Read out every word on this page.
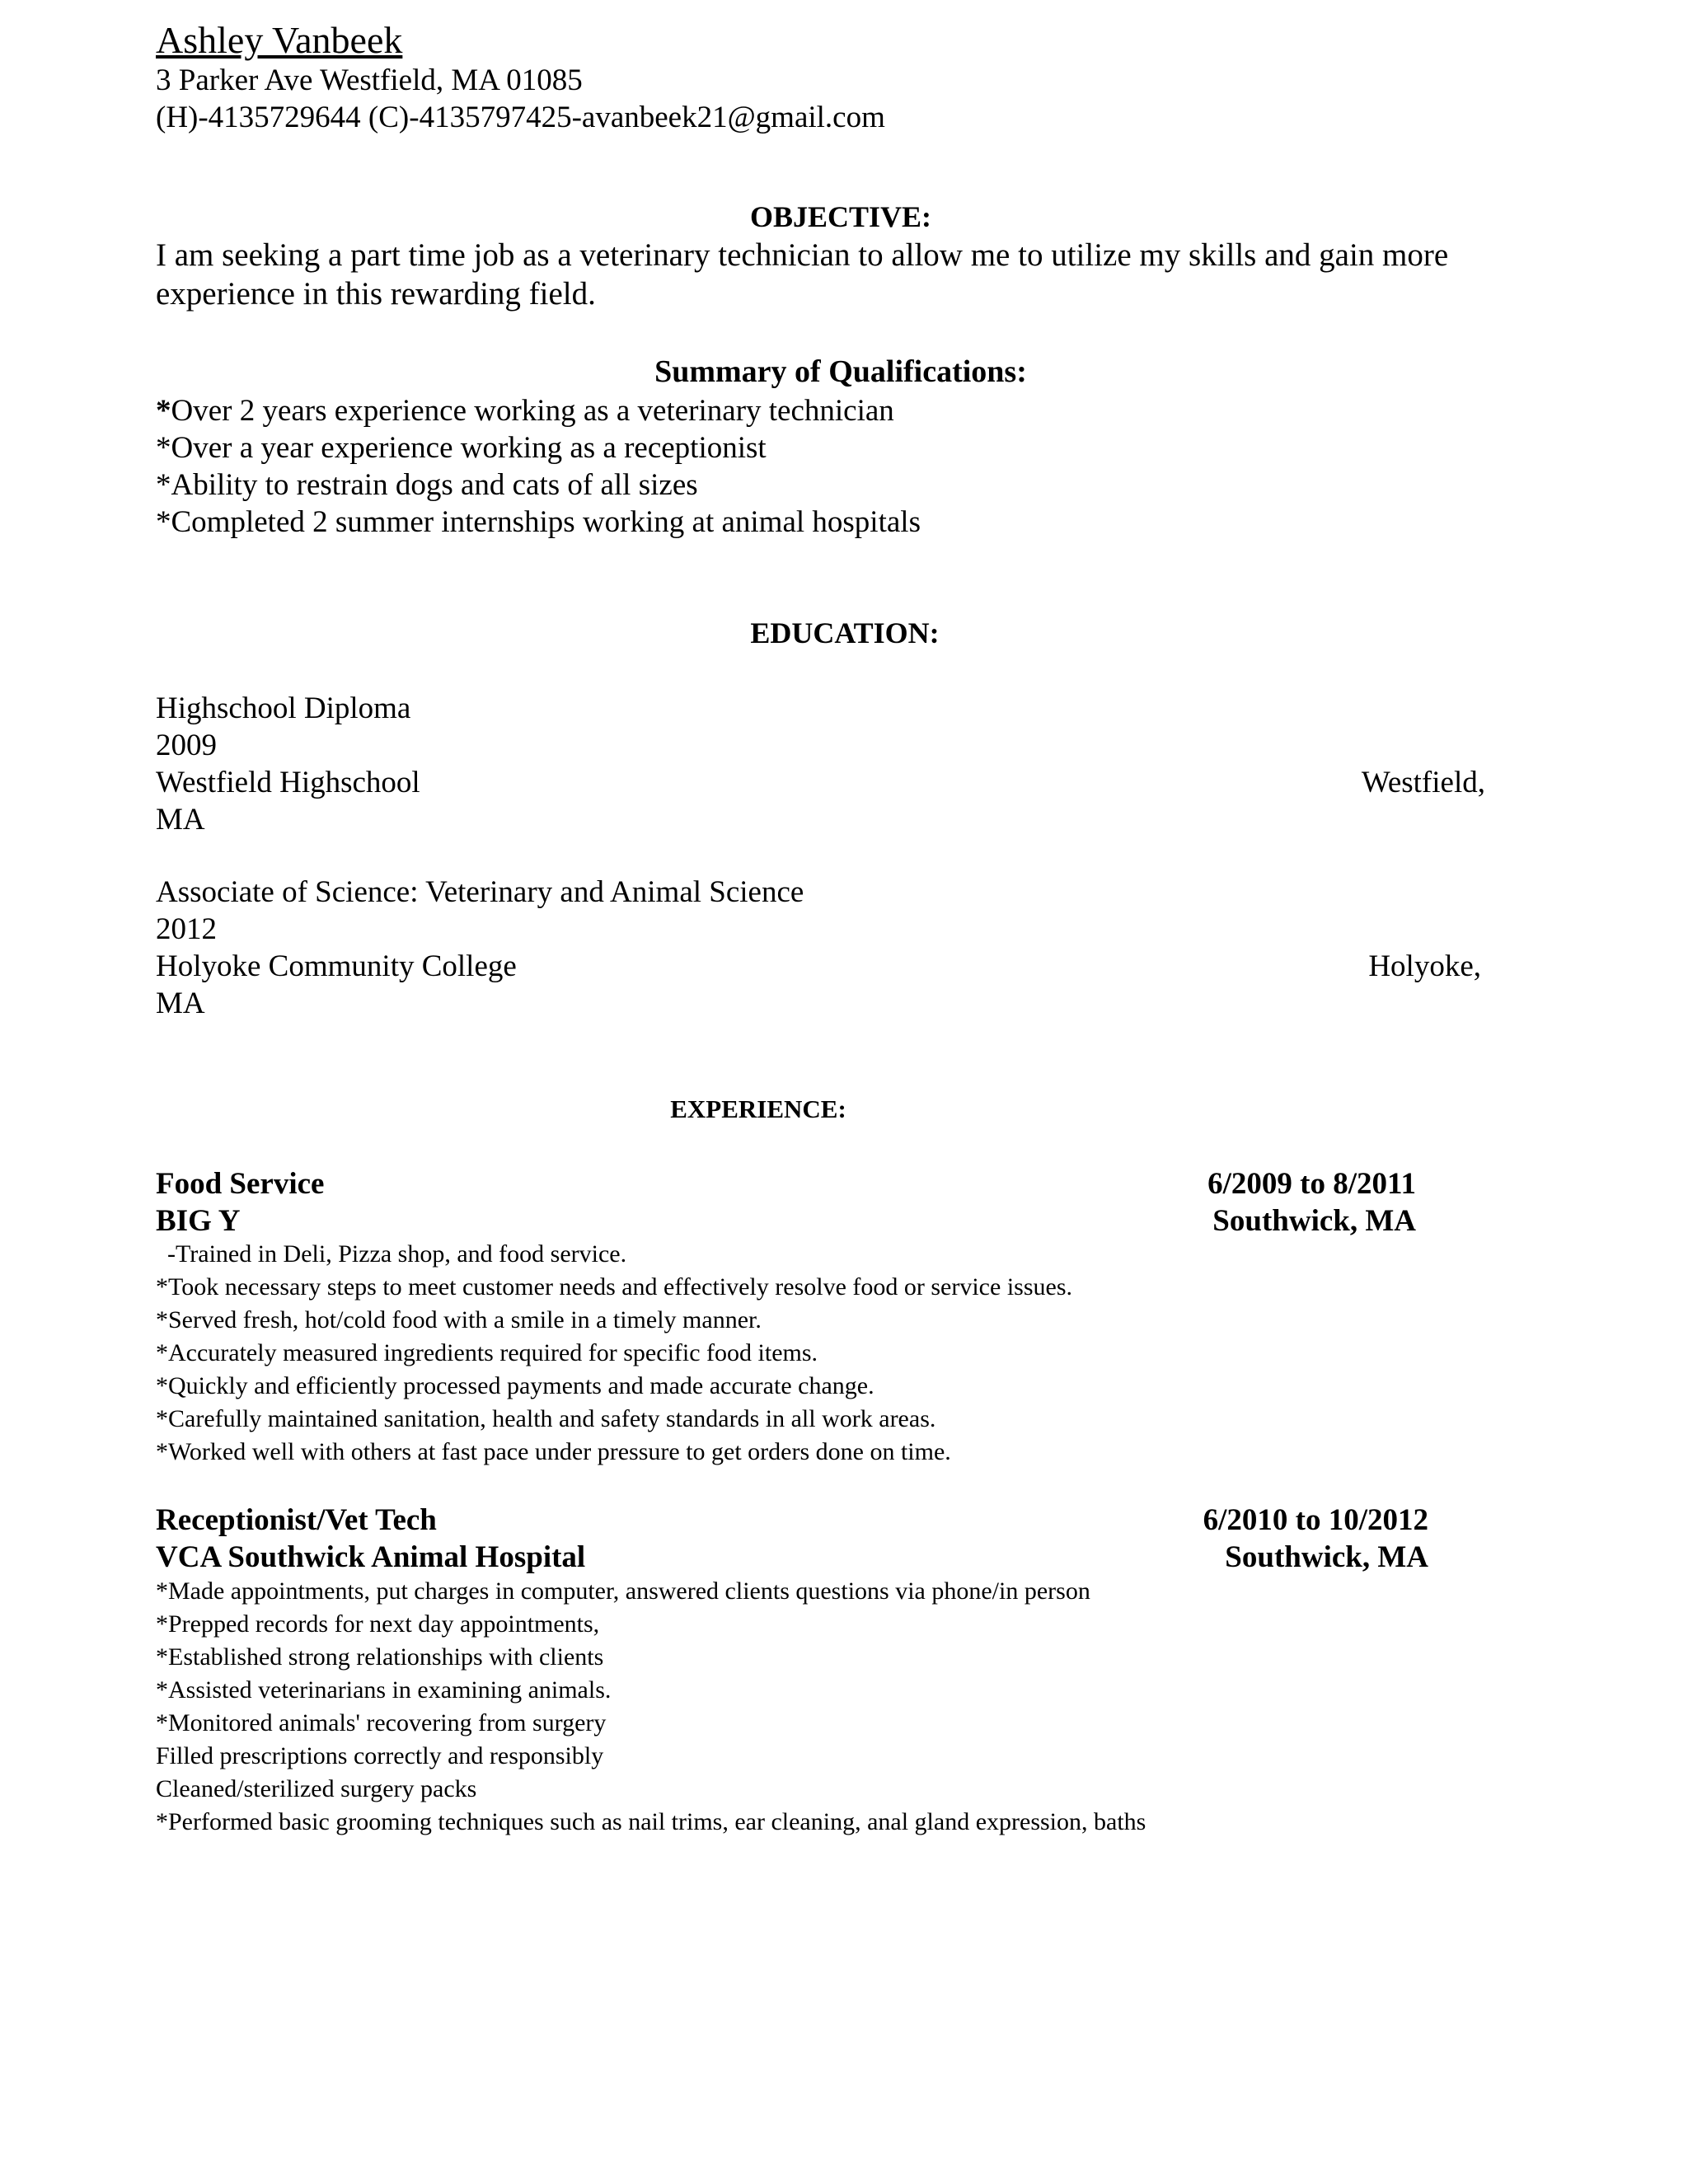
Ashley Vanbeek
3 Parker Ave Westfield, MA 01085
(H)-4135729644 (C)-4135797425-avanbeek21@gmail.com
OBJECTIVE:
I am seeking a part time job as a veterinary technician to allow me to utilize my skills and gain more
experience in this rewarding field.
Summary of Qualifications:
*Over 2 years experience working as a veterinary technician
*Over a year experience working as a receptionist
*Ability to restrain dogs and cats of all sizes
*Completed 2 summer internships working at animal hospitals
EDUCATION:
Highschool Diploma
2009
Westfield Highschool	Westfield,
MA
Associate of Science: Veterinary and Animal Science
2012
Holyoke Community College	Holyoke,
MA
EXPERIENCE:
Food Service	6/2009 to 8/2011
BIG Y	Southwick, MA
-Trained in Deli, Pizza shop, and food service.
*Took necessary steps to meet customer needs and effectively resolve food or service issues.
*Served fresh, hot/cold food with a smile in a timely manner.
*Accurately measured ingredients required for specific food items.
*Quickly and efficiently processed payments and made accurate change.
*Carefully maintained sanitation, health and safety standards in all work areas.
*Worked well with others at fast pace under pressure to get orders done on time.
Receptionist/Vet Tech	6/2010 to 10/2012
VCA Southwick Animal Hospital	Southwick, MA
*Made appointments, put charges in computer, answered clients questions via phone/in person
*Prepped records for next day appointments,
*Established strong relationships with clients
*Assisted veterinarians in examining animals.
*Monitored animals' recovering from surgery
Filled prescriptions correctly and responsibly
Cleaned/sterilized surgery packs
*Performed basic grooming techniques such as nail trims, ear cleaning, anal gland expression, baths
